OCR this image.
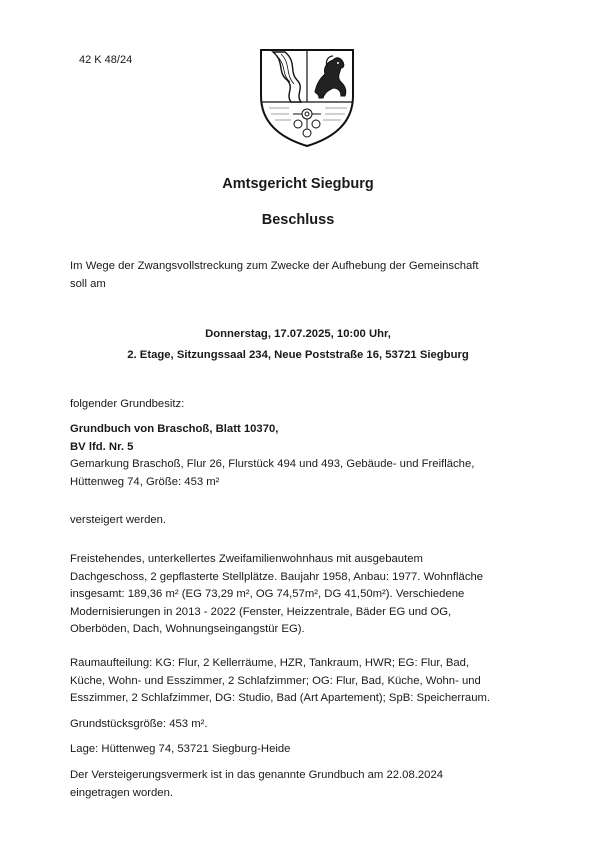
42 K 48/24
Amtsgericht Siegburg
Beschluss

Im Wege der Zwangsvollstreckung zum Zwecke der Aufhebung der Gemeinschaft
soll am

Donnerstag, 17.07.2025, 10:00 Uhr,
2. Etage, Sitzungssaal 234, Neue Poststraße 16, 53721 Siegburg

folgender Grundbesitz:

Grundbuch von Braschoß, Blatt 10370,
BV lfd. Nr. 5
Gemarkung Braschoß, Flur 26, Flurstück 494 und 493, Gebäude- und Freifläche,
Hüttenweg 74, Größe: 453 m²

versteigert werden.

Freistehendes, unterkellertes Zweifamilienwohnhaus mit ausgebautem
Dachgeschoss, 2 gepflasterte Stellplätze. Baujahr 1958, Anbau: 1977. Wohnfläche
insgesamt: 189,36 m² (EG 73,29 m², OG 74,57m², DG 41,50m²). Verschiedene
Modernisierungen in 2013 - 2022 (Fenster, Heizzentrale, Bäder EG und OG,
Oberböden, Dach, Wohnungseingangstür EG).

Raumaufteilung: KG: Flur, 2 Kellerräume, HZR, Tankraum, HWR; EG: Flur, Bad,
Küche, Wohn- und Esszimmer, 2 Schlafzimmer; OG: Flur, Bad, Küche, Wohn- und
Esszimmer, 2 Schlafzimmer, DG: Studio, Bad (Art Apartement); SpB: Speicherraum.

Grundstücksgröße: 453 m².

Lage: Hüttenweg 74, 53721 Siegburg-Heide

Der Versteigerungsvermerk ist in das genannte Grundbuch am 22.08.2024
eingetragen worden.
